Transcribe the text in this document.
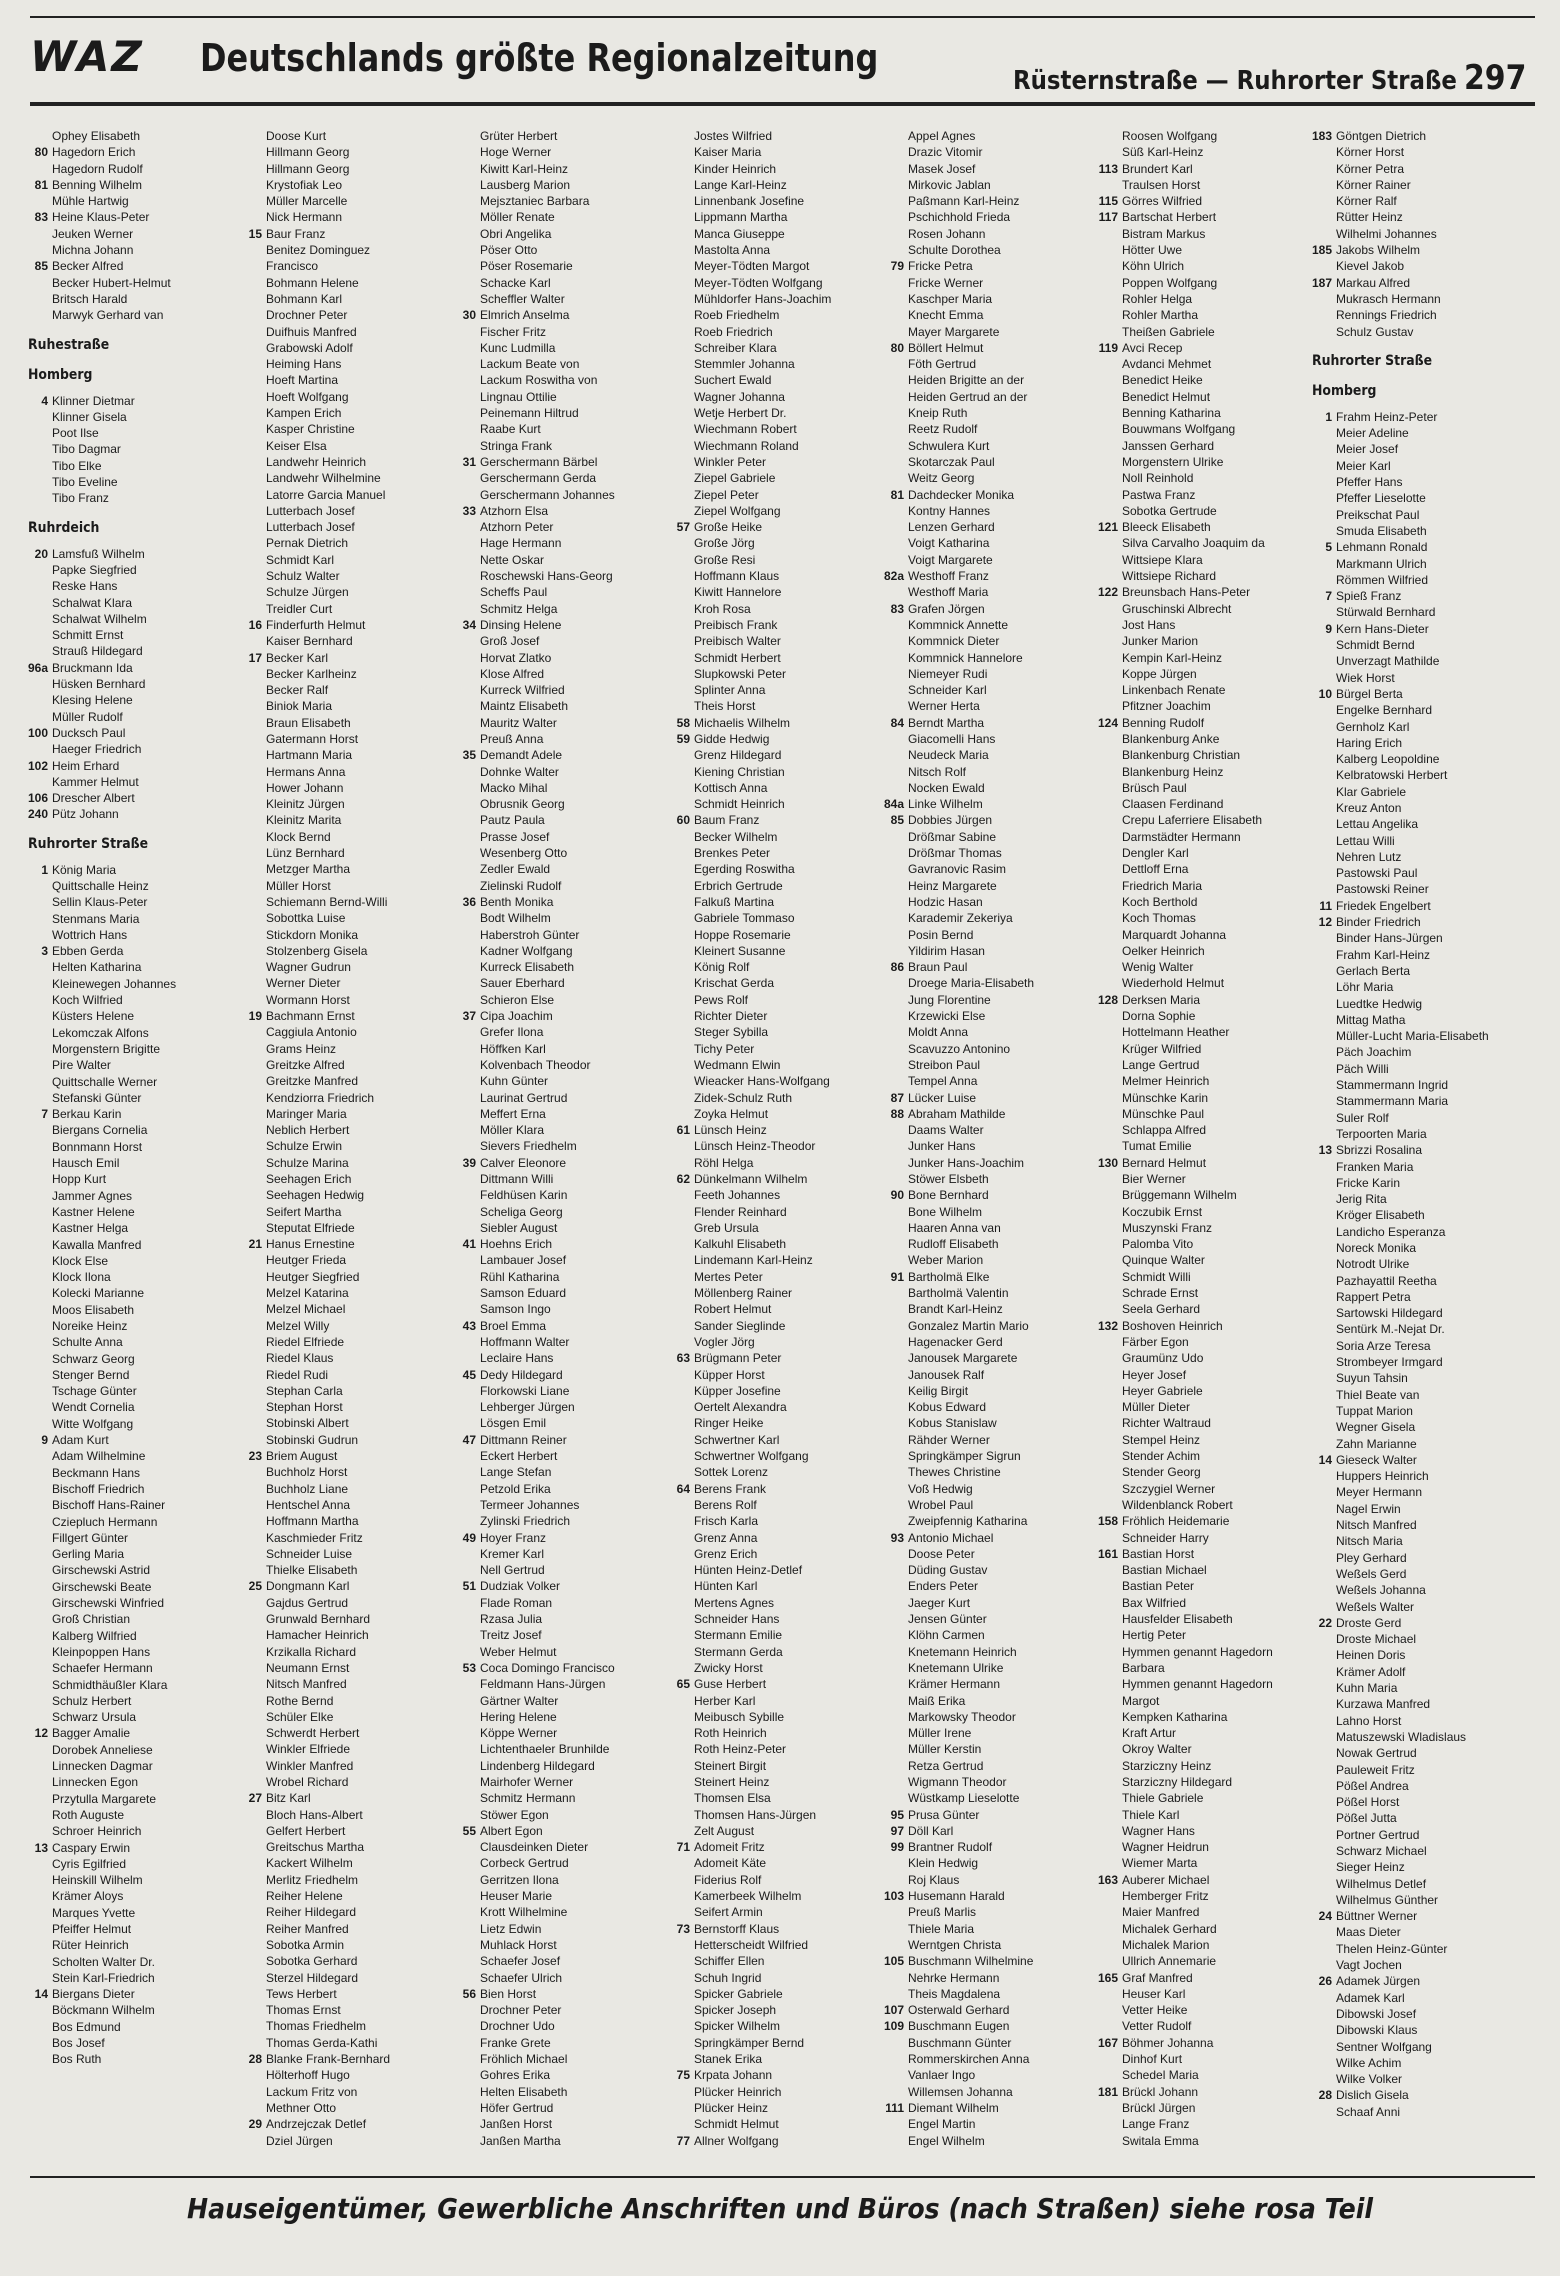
WAZ Deutschlands größte Regionalzeitung
Rüsternstraße — Ruhrorter Straße 297
Ophey Elisabeth
80 Hagedorn Erich
Hagedorn Rudolf
81 Benning Wilhelm
Mühle Hartwig
83 Heine Klaus-Peter
Jeuken Werner
Michna Johann
85 Becker Alfred
Becker Hubert-Helmut
Britsch Harald
Marwyk Gerhard van
Ruhestraße
Homberg
4 Klinner Dietmar
Klinner Gisela
Poot Ilse
Tibo Dagmar
Tibo Elke
Tibo Eveline
Tibo Franz
Ruhrdeich
20 Lamsfuß Wilhelm
Papke Siegfried
Reske Hans
Schalwat Klara
Schalwat Wilhelm
Schmitt Ernst
Strauß Hildegard
96a Bruckmann Ida
Hüsken Bernhard
Klesing Helene
Müller Rudolf
100 Ducksch Paul
Haeger Friedrich
102 Heim Erhard
Kammer Helmut
106 Drescher Albert
240 Pütz Johann
Ruhrorter Straße
1 König Maria
Quittschalle Heinz
Sellin Klaus-Peter
Stenmans Maria
Wottrich Hans
3 Ebben Gerda
Helten Katharina
Kleinewegen Johannes
Koch Wilfried
Küsters Helene
Lekomczak Alfons
Morgenstern Brigitte
Pire Walter
Quittschalle Werner
Stefanski Günter
7 Berkau Karin
Biergans Cornelia
Bonnmann Horst
Hausch Emil
Hopp Kurt
Jammer Agnes
Kastner Helene
Kastner Helga
Kawalla Manfred
Klock Else
Klock Ilona
Kolecki Marianne
Moos Elisabeth
Noreike Heinz
Schulte Anna
Schwarz Georg
Stenger Bernd
Tschage Günter
Wendt Cornelia
Witte Wolfgang
9 Adam Kurt
Adam Wilhelmine
Beckmann Hans
Bischoff Friedrich
Bischoff Hans-Rainer
Cziepluch Hermann
Fillgert Günter
Gerling Maria
Girschewski Astrid
Girschewski Beate
Girschewski Winfried
Groß Christian
Kalberg Wilfried
Kleinpoppen Hans
Schaefer Hermann
Schmidthäußler Klara
Schulz Herbert
Schwarz Ursula
12 Bagger Amalie
Dorobek Anneliese
Linnecken Dagmar
Linnecken Egon
Przytulla Margarete
Roth Auguste
Schroer Heinrich
13 Caspary Erwin
Cyris Egilfried
Heinskill Wilhelm
Krämer Aloys
Marques Yvette
Pfeiffer Helmut
Rüter Heinrich
Scholten Walter Dr.
Stein Karl-Friedrich
14 Biergans Dieter
Böckmann Wilhelm
Bos Edmund
Bos Josef
Bos Ruth
Doose Kurt
Hillmann Georg
Hillmann Georg
Krystofiak Leo
Müller Marcelle
Nick Hermann
15 Baur Franz
Benitez Dominguez
Francisco
Bohmann Helene
Bohmann Karl
Drochner Peter
Duifhuis Manfred
Grabowski Adolf
Heiming Hans
Hoeft Martina
Hoeft Wolfgang
Kampen Erich
Kasper Christine
Keiser Elsa
Landwehr Heinrich
Landwehr Wilhelmine
Latorre Garcia Manuel
Lutterbach Josef
Lutterbach Josef
Pernak Dietrich
Schmidt Karl
Schulz Walter
Schulze Jürgen
Treidler Curt
16 Finderfurth Helmut
Kaiser Bernhard
17 Becker Karl
Becker Karlheinz
Becker Ralf
Biniok Maria
Braun Elisabeth
Gatermann Horst
Hartmann Maria
Hermans Anna
Hower Johann
Kleinitz Jürgen
Kleinitz Marita
Klock Bernd
Lünz Bernhard
Metzger Martha
Müller Horst
Schiemann Bernd-Willi
Sobottka Luise
Stickdorn Monika
Stolzenberg Gisela
Wagner Gudrun
Werner Dieter
Wormann Horst
19 Bachmann Ernst
Caggiula Antonio
Grams Heinz
Greitzke Alfred
Greitzke Manfred
Kendziorra Friedrich
Maringer Maria
Neblich Herbert
Schulze Erwin
Schulze Marina
Seehagen Erich
Seehagen Hedwig
Seifert Martha
Steputat Elfriede
21 Hanus Ernestine
Heutger Frieda
Heutger Siegfried
Melzel Katarina
Melzel Michael
Melzel Willy
Riedel Elfriede
Riedel Klaus
Riedel Rudi
Stephan Carla
Stephan Horst
Stobinski Albert
Stobinski Gudrun
23 Briem August
Buchholz Horst
Buchholz Liane
Hentschel Anna
Hoffmann Martha
Kaschmieder Fritz
Schneider Luise
Thielke Elisabeth
25 Dongmann Karl
Gajdus Gertrud
Grunwald Bernhard
Hamacher Heinrich
Krzikalla Richard
Neumann Ernst
Nitsch Manfred
Rothe Bernd
Schüler Elke
Schwerdt Herbert
Winkler Elfriede
Winkler Manfred
Wrobel Richard
27 Bitz Karl
Bloch Hans-Albert
Gelfert Herbert
Greitschus Martha
Kackert Wilhelm
Merlitz Friedhelm
Reiher Helene
Reiher Hildegard
Reiher Manfred
Sobotka Armin
Sobotka Gerhard
Sterzel Hildegard
Tews Herbert
Thomas Ernst
Thomas Friedhelm
Thomas Gerda-Kathi
28 Blanke Frank-Bernhard
Hölterhoff Hugo
Lackum Fritz von
Methner Otto
29 Andrzejczak Detlef
Dziel Jürgen
Grüter Herbert
Hoge Werner
Kiwitt Karl-Heinz
Lausberg Marion
Mejsztaniec Barbara
Möller Renate
Obri Angelika
Pöser Otto
Pöser Rosemarie
Schacke Karl
Scheffler Walter
30 Elmrich Anselma
Fischer Fritz
Kunc Ludmilla
Lackum Beate von
Lackum Roswitha von
Lingnau Ottilie
Peinemann Hiltrud
Raabe Kurt
Stringa Frank
31 Gerschermann Bärbel
Gerschermann Gerda
Gerschermann Johannes
33 Atzhorn Elsa
Atzhorn Peter
Hage Hermann
Nette Oskar
Roschewski Hans-Georg
Scheffs Paul
Schmitz Helga
34 Dinsing Helene
Groß Josef
Horvat Zlatko
Klose Alfred
Kurreck Wilfried
Maintz Elisabeth
Mauritz Walter
Preuß Anna
35 Demandt Adele
Dohnke Walter
Macko Mihal
Obrusnik Georg
Pautz Paula
Prasse Josef
Wesenberg Otto
Zedler Ewald
Zielinski Rudolf
36 Benth Monika
Bodt Wilhelm
Haberstroh Günter
Kadner Wolfgang
Kurreck Elisabeth
Sauer Eberhard
Schieron Else
37 Cipa Joachim
Grefer Ilona
Höffken Karl
Kolvenbach Theodor
Kuhn Günter
Laurinat Gertrud
Meffert Erna
Möller Klara
Sievers Friedhelm
39 Calver Eleonore
Dittmann Willi
Feldhüsen Karin
Scheliga Georg
Siebler August
41 Hoehns Erich
Lambauer Josef
Rühl Katharina
Samson Eduard
Samson Ingo
43 Broel Emma
Hoffmann Walter
Leclaire Hans
45 Dedy Hildegard
Florkowski Liane
Lehberger Jürgen
Lösgen Emil
47 Dittmann Reiner
Eckert Herbert
Lange Stefan
Petzold Erika
Termeer Johannes
Zylinski Friedrich
49 Hoyer Franz
Kremer Karl
Nell Gertrud
51 Dudziak Volker
Flade Roman
Rzasa Julia
Treitz Josef
Weber Helmut
53 Coca Domingo Francisco
Feldmann Hans-Jürgen
Gärtner Walter
Hering Helene
Köppe Werner
Lichtenthaeler Brunhilde
Lindenberg Hildegard
Mairhofer Werner
Schmitz Hermann
Stöwer Egon
55 Albert Egon
Clausdeinken Dieter
Corbeck Gertrud
Gerritzen Ilona
Heuser Marie
Krott Wilhelmine
Lietz Edwin
Muhlack Horst
Schaefer Josef
Schaefer Ulrich
56 Bien Horst
Drochner Peter
Drochner Udo
Franke Grete
Fröhlich Michael
Gohres Erika
Helten Elisabeth
Höfer Gertrud
Janßen Horst
Janßen Martha
Jostes Wilfried
Kaiser Maria
Kinder Heinrich
Lange Karl-Heinz
Linnenbank Josefine
Lippmann Martha
Manca Giuseppe
Mastolta Anna
Meyer-Tödten Margot
Meyer-Tödten Wolfgang
Mühldorfer Hans-Joachim
Roeb Friedhelm
Roeb Friedrich
Schreiber Klara
Stemmler Johanna
Suchert Ewald
Wagner Johanna
Wetje Herbert Dr.
Wiechmann Robert
Wiechmann Roland
Winkler Peter
Ziepel Gabriele
Ziepel Peter
Ziepel Wolfgang
57 Große Heike
Große Jörg
Große Resi
Hoffmann Klaus
Kiwitt Hannelore
Kroh Rosa
Preibisch Frank
Preibisch Walter
Schmidt Herbert
Slupkowski Peter
Splinter Anna
Theis Horst
58 Michaelis Wilhelm
59 Gidde Hedwig
Grenz Hildegard
Kiening Christian
Kottisch Anna
Schmidt Heinrich
60 Baum Franz
Becker Wilhelm
Brenkes Peter
Egerding Roswitha
Erbrich Gertrude
Falkuß Martina
Gabriele Tommaso
Hoppe Rosemarie
Kleinert Susanne
König Rolf
Krischat Gerda
Pews Rolf
Richter Dieter
Steger Sybilla
Tichy Peter
Wedmann Elwin
Wieacker Hans-Wolfgang
Zidek-Schulz Ruth
Zoyka Helmut
61 Lünsch Heinz
Lünsch Heinz-Theodor
Röhl Helga
62 Dünkelmann Wilhelm
Feeth Johannes
Flender Reinhard
Greb Ursula
Kalkuhl Elisabeth
Lindemann Karl-Heinz
Mertes Peter
Möllenberg Rainer
Robert Helmut
Sander Sieglinde
Vogler Jörg
63 Brügmann Peter
Küpper Horst
Küpper Josefine
Oertelt Alexandra
Ringer Heike
Schwertner Karl
Schwertner Wolfgang
Sottek Lorenz
64 Berens Frank
Berens Rolf
Frisch Karla
Grenz Anna
Grenz Erich
Hünten Heinz-Detlef
Hünten Karl
Mertens Agnes
Schneider Hans
Stermann Emilie
Stermann Gerda
Zwicky Horst
65 Guse Herbert
Herber Karl
Meibusch Sybille
Roth Heinrich
Roth Heinz-Peter
Steinert Birgit
Steinert Heinz
Thomsen Elsa
Thomsen Hans-Jürgen
Zelt August
71 Adomeit Fritz
Adomeit Käte
Fiderius Rolf
Kamerbeek Wilhelm
Seifert Armin
73 Bernstorff Klaus
Hetterscheidt Wilfried
Schiffer Ellen
Schuh Ingrid
Spicker Gabriele
Spicker Joseph
Spicker Wilhelm
Springkämper Bernd
Stanek Erika
75 Krpata Johann
Plücker Heinrich
Plücker Heinz
Schmidt Helmut
77 Allner Wolfgang
Appel Agnes
Drazic Vitomir
Masek Josef
Mirkovic Jablan
Paßmann Karl-Heinz
Pschichhold Frieda
Rosen Johann
Schulte Dorothea
79 Fricke Petra
Fricke Werner
Kaschper Maria
Knecht Emma
Mayer Margarete
80 Böllert Helmut
Föth Gertrud
Heiden Brigitte an der
Heiden Gertrud an der
Kneip Ruth
Reetz Rudolf
Schwulera Kurt
Skotarczak Paul
Weitz Georg
81 Dachdecker Monika
Kontny Hannes
Lenzen Gerhard
Voigt Katharina
Voigt Margarete
82a Westhoff Franz
Westhoff Maria
83 Grafen Jörgen
Kommnick Annette
Kommnick Dieter
Kommnick Hannelore
Niemeyer Rudi
Schneider Karl
Werner Herta
84 Berndt Martha
Giacomelli Hans
Neudeck Maria
Nitsch Rolf
Nocken Ewald
84a Linke Wilhelm
85 Dobbies Jürgen
Drößmar Sabine
Drößmar Thomas
Gavranovic Rasim
Heinz Margarete
Hodzic Hasan
Karademir Zekeriya
Posin Bernd
Yildirim Hasan
86 Braun Paul
Droege Maria-Elisabeth
Jung Florentine
Krzewicki Else
Moldt Anna
Scavuzzo Antonino
Streibon Paul
Tempel Anna
87 Lücker Luise
88 Abraham Mathilde
Daams Walter
Junker Hans
Junker Hans-Joachim
Stöwer Elsbeth
90 Bone Bernhard
Bone Wilhelm
Haaren Anna van
Rudloff Elisabeth
Weber Marion
91 Bartholmä Elke
Bartholmä Valentin
Brandt Karl-Heinz
Gonzalez Martin Mario
Hagenacker Gerd
Janousek Margarete
Janousek Ralf
Keilig Birgit
Kobus Edward
Kobus Stanislaw
Rähder Werner
Springkämper Sigrun
Thewes Christine
Voß Hedwig
Wrobel Paul
Zweipfennig Katharina
93 Antonio Michael
Doose Peter
Düding Gustav
Enders Peter
Jaeger Kurt
Jensen Günter
Klöhn Carmen
Knetemann Heinrich
Knetemann Ulrike
Krämer Hermann
Maiß Erika
Markowsky Theodor
Müller Irene
Müller Kerstin
Retza Gertrud
Wigmann Theodor
Wüstkamp Lieselotte
95 Prusa Günter
97 Döll Karl
99 Brantner Rudolf
Klein Hedwig
Roj Klaus
103 Husemann Harald
Preuß Marlis
Thiele Maria
Werntgen Christa
105 Buschmann Wilhelmine
Nehrke Hermann
Theis Magdalena
107 Osterwald Gerhard
109 Buschmann Eugen
Buschmann Günter
Rommerskirchen Anna
Vanlaer Ingo
Willemsen Johanna
111 Diemant Wilhelm
Engel Martin
Engel Wilhelm
Roosen Wolfgang
Süß Karl-Heinz
113 Brundert Karl
Traulsen Horst
115 Görres Wilfried
117 Bartschat Herbert
Bistram Markus
Hötter Uwe
Köhn Ulrich
Poppen Wolfgang
Rohler Helga
Rohler Martha
Theißen Gabriele
119 Avci Recep
Avdanci Mehmet
Benedict Heike
Benedict Helmut
Benning Katharina
Bouwmans Wolfgang
Janssen Gerhard
Morgenstern Ulrike
Noll Reinhold
Pastwa Franz
Sobotka Gertrude
121 Bleeck Elisabeth
Silva Carvalho Joaquim da
Wittsiepe Klara
Wittsiepe Richard
122 Breunsbach Hans-Peter
Gruschinski Albrecht
Jost Hans
Junker Marion
Kempin Karl-Heinz
Koppe Jürgen
Linkenbach Renate
Pfitzner Joachim
124 Benning Rudolf
Blankenburg Anke
Blankenburg Christian
Blankenburg Heinz
Brüsch Paul
Claasen Ferdinand
Crepu Laferriere Elisabeth
Darmstädter Hermann
Dengler Karl
Dettloff Erna
Friedrich Maria
Koch Berthold
Koch Thomas
Marquardt Johanna
Oelker Heinrich
Wenig Walter
Wiederhold Helmut
128 Derksen Maria
Dorna Sophie
Hottelmann Heather
Krüger Wilfried
Lange Gertrud
Melmer Heinrich
Münschke Karin
Münschke Paul
Schlappa Alfred
Tumat Emilie
130 Bernard Helmut
Bier Werner
Brüggemann Wilhelm
Koczubik Ernst
Muszynski Franz
Palomba Vito
Quinque Walter
Schmidt Willi
Schrade Ernst
Seela Gerhard
132 Boshoven Heinrich
Färber Egon
Graumünz Udo
Heyer Josef
Heyer Gabriele
Müller Dieter
Richter Waltraud
Stempel Heinz
Stender Achim
Stender Georg
Szczygiel Werner
Wildenblanck Robert
158 Fröhlich Heidemarie
Schneider Harry
161 Bastian Horst
Bastian Michael
Bastian Peter
Bax Wilfried
Hausfelder Elisabeth
Hertig Peter
Hymmen genannt Hagedorn
Barbara
Hymmen genannt Hagedorn
Margot
Kempken Katharina
Kraft Artur
Okroy Walter
Starziczny Heinz
Starziczny Hildegard
Thiele Gabriele
Thiele Karl
Wagner Hans
Wagner Heidrun
Wiemer Marta
163 Auberer Michael
Hemberger Fritz
Maier Manfred
Michalek Gerhard
Michalek Marion
Ullrich Annemarie
165 Graf Manfred
Heuser Karl
Vetter Heike
Vetter Rudolf
167 Böhmer Johanna
Dinhof Kurt
Schedel Maria
181 Brückl Johann
Brückl Jürgen
Lange Franz
Switala Emma
183 Göntgen Dietrich
Körner Horst
Körner Petra
Körner Rainer
Körner Ralf
Rütter Heinz
Wilhelmi Johannes
185 Jakobs Wilhelm
Kievel Jakob
187 Markau Alfred
Mukrasch Hermann
Rennings Friedrich
Schulz Gustav
Ruhrorter Straße
Homberg
1 Frahm Heinz-Peter
Meier Adeline
Meier Josef
Meier Karl
Pfeffer Hans
Pfeffer Lieselotte
Preikschat Paul
Smuda Elisabeth
5 Lehmann Ronald
Markmann Ulrich
Römmen Wilfried
7 Spieß Franz
Stürwald Bernhard
9 Kern Hans-Dieter
Schmidt Bernd
Unverzagt Mathilde
Wiek Horst
10 Bürgel Berta
Engelke Bernhard
Gernholz Karl
Haring Erich
Kalberg Leopoldine
Kelbratowski Herbert
Klar Gabriele
Kreuz Anton
Lettau Angelika
Lettau Willi
Nehren Lutz
Pastowski Paul
Pastowski Reiner
11 Friedek Engelbert
12 Binder Friedrich
Binder Hans-Jürgen
Frahm Karl-Heinz
Gerlach Berta
Löhr Maria
Luedtke Hedwig
Mittag Matha
Müller-Lucht Maria-Elisabeth
Päch Joachim
Päch Willi
Stammermann Ingrid
Stammermann Maria
Suler Rolf
Terpoorten Maria
13 Sbrizzi Rosalina
Franken Maria
Fricke Karin
Jerig Rita
Kröger Elisabeth
Landicho Esperanza
Noreck Monika
Notrodt Ulrike
Pazhayattil Reetha
Rappert Petra
Sartowski Hildegard
Sentürk M.-Nejat Dr.
Soria Arze Teresa
Strombeyer Irmgard
Suyun Tahsin
Thiel Beate van
Tuppat Marion
Wegner Gisela
Zahn Marianne
14 Gieseck Walter
Huppers Heinrich
Meyer Hermann
Nagel Erwin
Nitsch Manfred
Nitsch Maria
Pley Gerhard
Weßels Gerd
Weßels Johanna
Weßels Walter
22 Droste Gerd
Droste Michael
Heinen Doris
Krämer Adolf
Kuhn Maria
Kurzawa Manfred
Lahno Horst
Matuszewski Wladislaus
Nowak Gertrud
Pauleweit Fritz
Pößel Andrea
Pößel Horst
Pößel Jutta
Portner Gertrud
Schwarz Michael
Sieger Heinz
Wilhelmus Detlef
Wilhelmus Günther
24 Büttner Werner
Maas Dieter
Thelen Heinz-Günter
Vagt Jochen
26 Adamek Jürgen
Adamek Karl
Dibowski Josef
Dibowski Klaus
Sentner Wolfgang
Wilke Achim
Wilke Volker
28 Dislich Gisela
Schaaf Anni
Hauseigentümer, Gewerbliche Anschriften und Büros (nach Straßen) siehe rosa Teil
